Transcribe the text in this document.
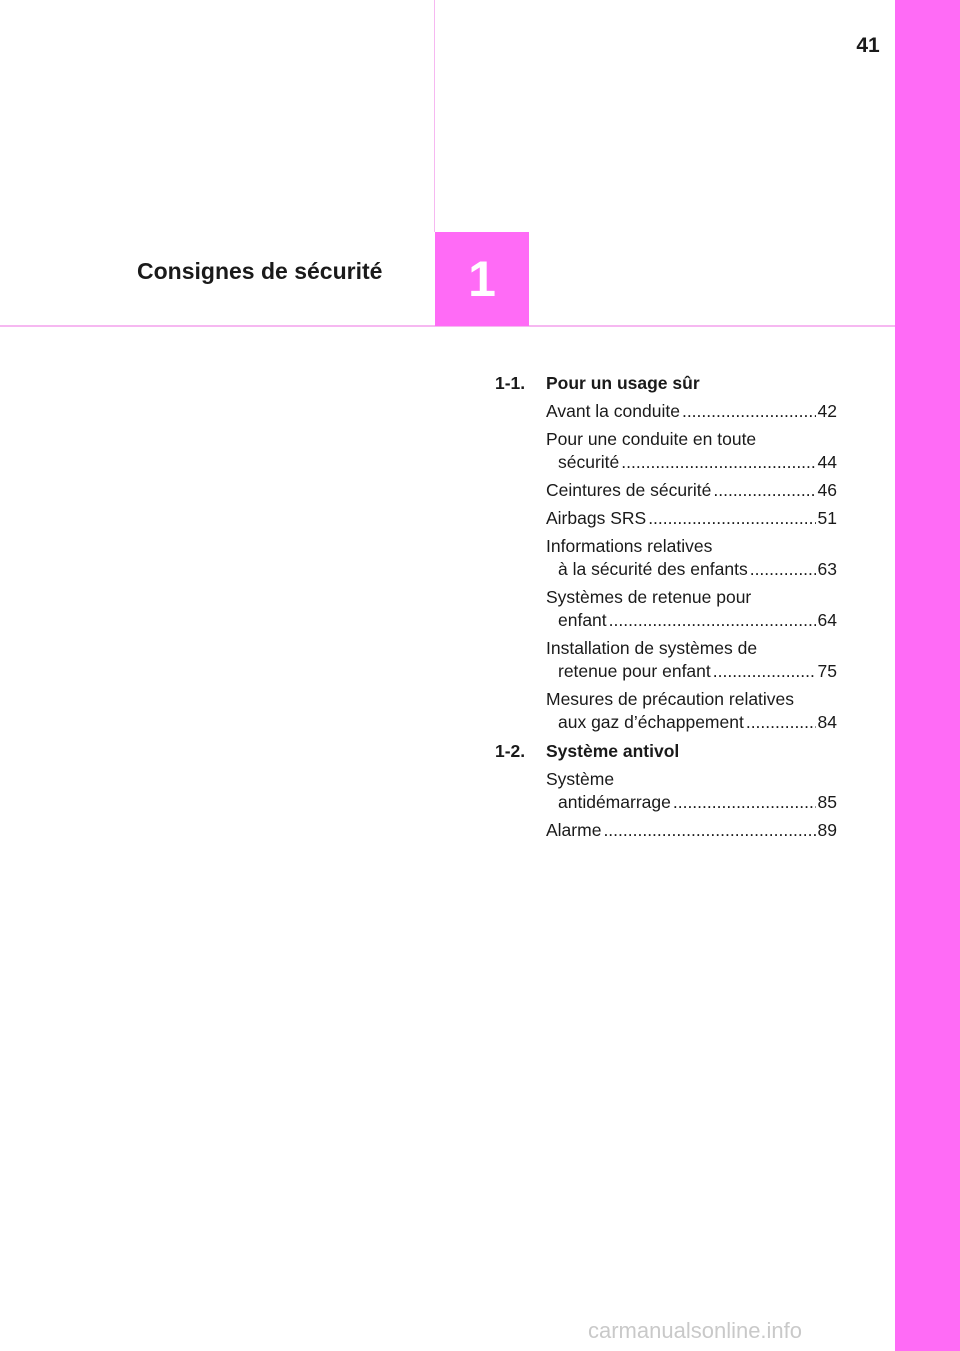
41
Consignes de sécurité 1
1-1.	Pour un usage sûr
Avant la conduite .....	42
Pour une conduite en toute
sécurité .....	44
Ceintures de sécurité .....	46
Airbags SRS .....	51
Informations relatives
à la sécurité des enfants .....	63
Systèmes de retenue pour
enfant .....	64
Installation de systèmes de
retenue pour enfant .....	75
Mesures de précaution relatives
aux gaz d’échappement .....	84
1-2.	Système antivol
Système
antidémarrage .....	85
Alarme .....	89
carmanualsonline.info
